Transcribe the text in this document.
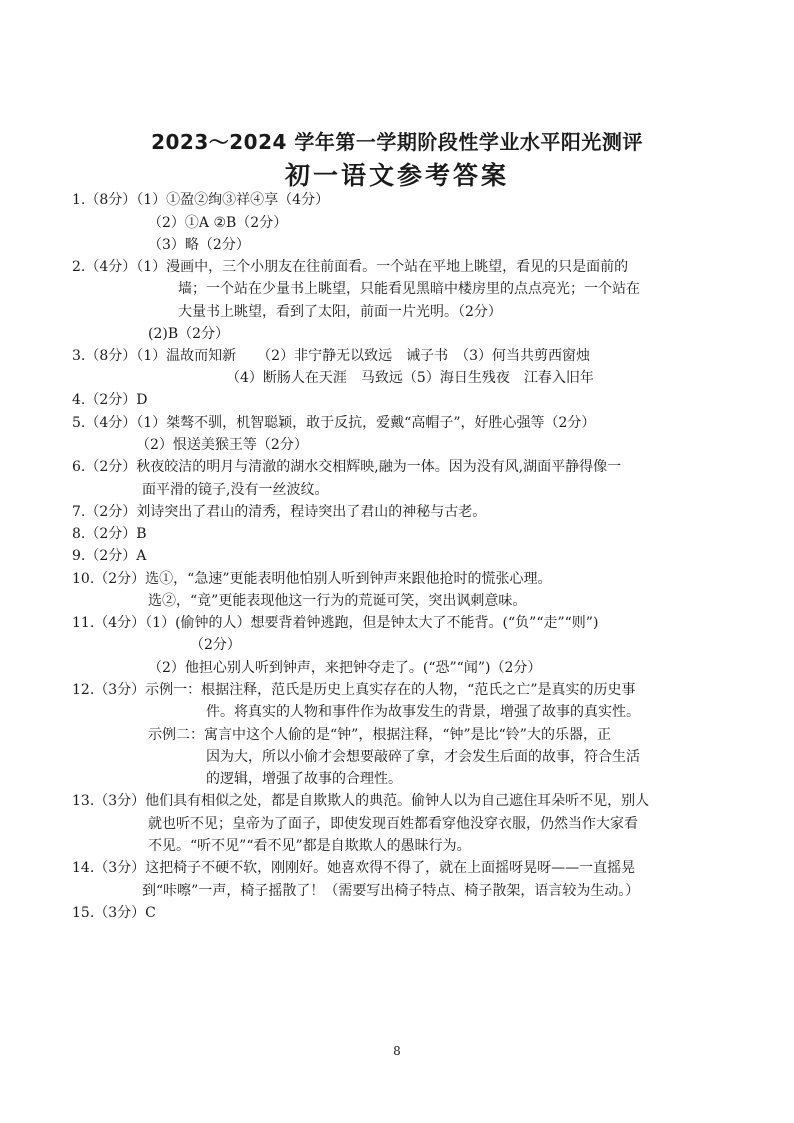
2023～2024 学年第一学期阶段性学业水平阳光测评
初一语文参考答案
1.（8分）（1）①盈②绚③祥④享（4分）
（2）①A ②B（2分）
（3）略（2分）
2.（4分）（1）漫画中，三个小朋友在往前面看。一个站在平地上眺望，看见的只是面前的
墙；一个站在少量书上眺望，只能看见黑暗中楼房里的点点亮光；一个站在
大量书上眺望，看到了太阳，前面一片光明。（2分）
(2)B（2分）
3.（8分）（1）温故而知新　　（2）非宁静无以致远　诫子书　（3）何当共剪西窗烛
（4）断肠人在天涯　马致远（5）海日生残夜　江春入旧年
4.（2分）D
5.（4分）（1）桀骜不驯，机智聪颖，敢于反抗，爱戴“高帽子”，好胜心强等（2分）
（2）恨送美猴王等（2分）
6.（2分）秋夜皎洁的明月与清澈的湖水交相辉映,融为一体。因为没有风,湖面平静得像一
面平滑的镜子,没有一丝波纹。
7.（2分）刘诗突出了君山的清秀，程诗突出了君山的神秘与古老。
8.（2分）B
9.（2分）A
10.（2分）选①，“急速”更能表明他怕别人听到钟声来跟他抢时的慌张心理。
选②，“竟”更能表现他这一行为的荒诞可笑，突出讽刺意味。
11.（4分）（1）(偷钟的人）想要背着钟逃跑，但是钟太大了不能背。(“负”“走”“则”)
（2分）
（2）他担心别人听到钟声，来把钟夺走了。(“恐”“闻”)（2分）
12.（3分）示例一：根据注释，范氏是历史上真实存在的人物，“范氏之亡”是真实的历史事
件。将真实的人物和事件作为故事发生的背景，增强了故事的真实性。
示例二：寓言中这个人偷的是“钟”，根据注释，“钟”是比“铃”大的乐器，正
因为大，所以小偷才会想要敲碎了拿，才会发生后面的故事，符合生活
的逻辑，增强了故事的合理性。
13.（3分）他们具有相似之处，都是自欺欺人的典范。偷钟人以为自己遮住耳朵听不见，别人
就也听不见；皇帝为了面子，即使发现百姓都看穿他没穿衣服，仍然当作大家看
不见。“听不见”“看不见”都是自欺欺人的愚昧行为。
14.（3分）这把椅子不硬不软，刚刚好。她喜欢得不得了，就在上面摇呀晃呀——一直摇晃
到“咔嚓”一声，椅子摇散了！（需要写出椅子特点、椅子散架，语言较为生动。）
15.（3分）C
8
